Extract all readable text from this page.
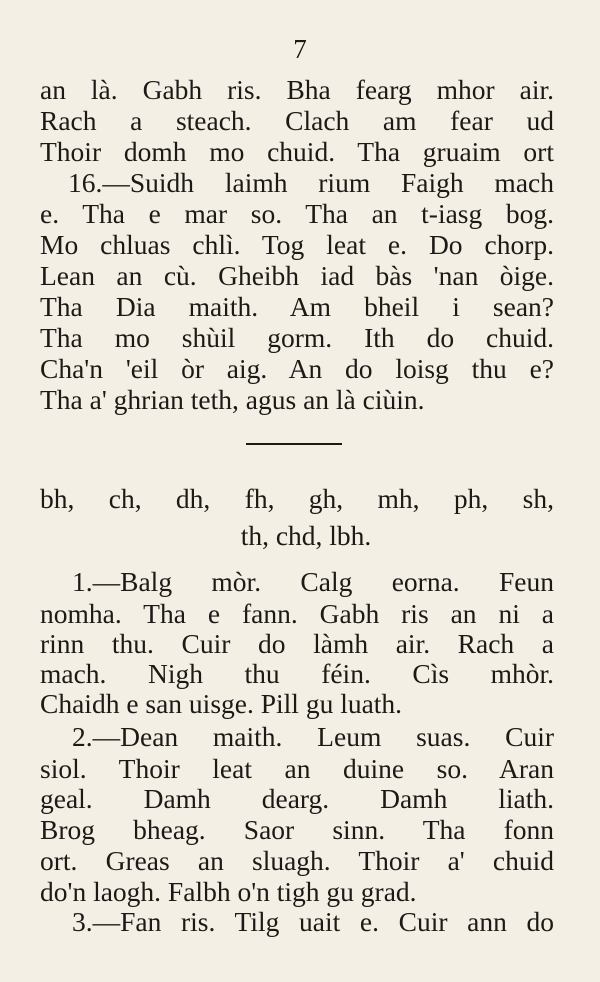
7
an là. Gabh ris. Bha fearg mhor air.
Rach a steach. Clach am fear ud
Thoir domh mo chuid. Tha gruaim ort
16.—Suidh laimh rium Faigh mach
e. Tha e mar so. Tha an t-iasg bog.
Mo chluas chlì. Tog leat e. Do chorp.
Lean an cù. Gheibh iad bàs 'nan òige.
Tha Dia maith. Am bheil i sean?
Tha mo shùil gorm. Ith do chuid.
Cha'n 'eil òr aig. An do loisg thu e?
Tha a' ghrian teth, agus an là ciùin.
bh, ch, dh, fh, gh, mh, ph, sh,
th, chd, lbh.
1.—Balg mòr. Calg eorna. Feun
nomha. Tha e fann. Gabh ris an ni a
rinn thu. Cuir do làmh air. Rach a
mach. Nigh thu féin. Cìs mhòr.
Chaidh e san uisge. Pill gu luath.
2.—Dean maith. Leum suas. Cuir
siol. Thoir leat an duine so. Aran
geal. Damh dearg. Damh liath.
Brog bheag. Saor sinn. Tha fonn
ort. Greas an sluagh. Thoir a' chuid
do'n laogh. Falbh o'n tigh gu grad.
3.—Fan ris. Tilg uait e. Cuir ann do
